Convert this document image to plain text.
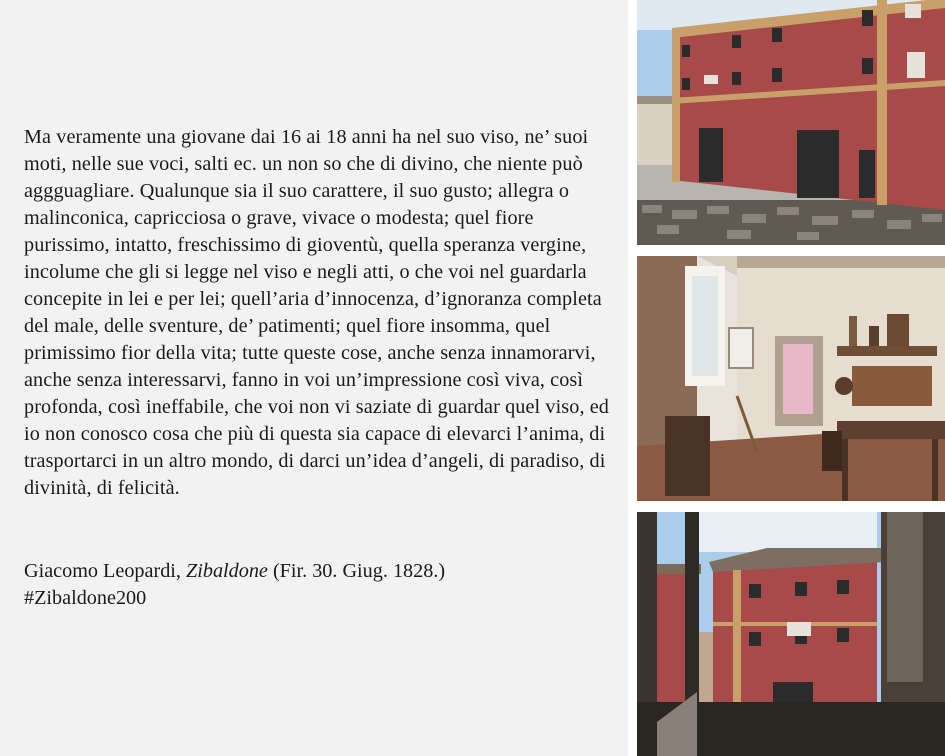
Ma veramente una giovane dai 16 ai 18 anni ha nel suo viso, ne’ suoi moti, nelle sue voci, salti ec. un non so che di divino, che niente può aggguagliare. Qualunque sia il suo carattere, il suo gusto; allegra o malinconica, capricciosa o grave, vivace o modesta; quel fiore purissimo, intatto, freschissimo di gioventù, quella speranza vergine, incolume che gli si legge nel viso e negli atti, o che voi nel guardarla concepite in lei e per lei; quell’aria d’innocenza, d’ignoranza completa del male, delle sventure, de’ patimenti; quel fiore insomma, quel primissimo fior della vita; tutte queste cose, anche senza innamorarvi, anche senza interessarvi, fanno in voi un’impressione così viva, così profonda, così ineffabile, che voi non vi saziate di guardar quel viso, ed io non conosco cosa che più di questa sia capace di elevarci l’anima, di trasportarci in un altro mondo, di darci un’idea d’angeli, di paradiso, di divinità, di felicità.

Giacomo Leopardi, Zibaldone (Fir. 30. Giug. 1828.)
#Zibaldone200
